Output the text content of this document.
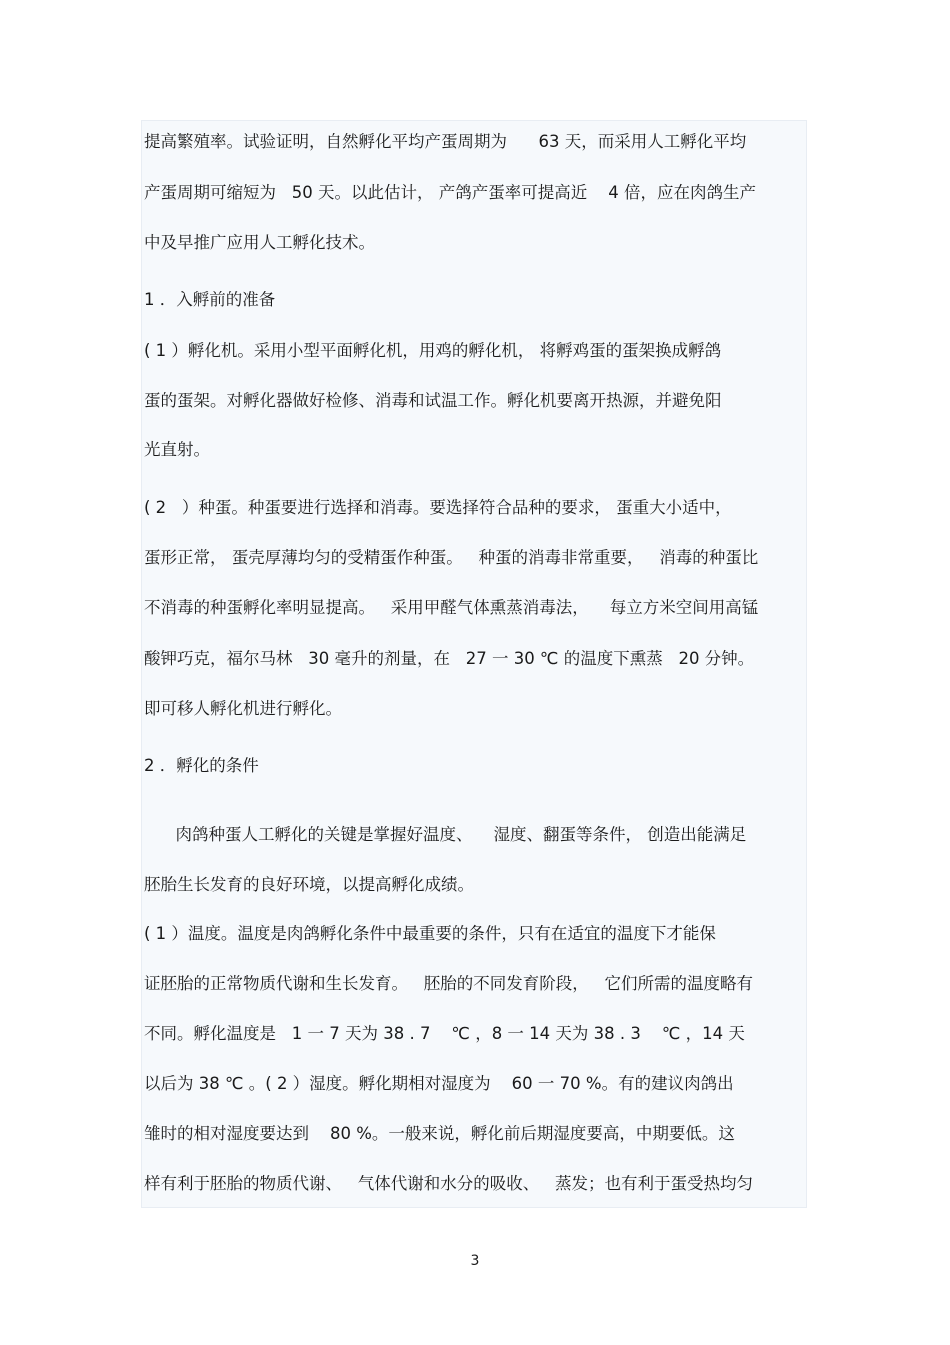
提高繁殖率。试验证明，自然孵化平均产蛋周期为      63 天，而采用人工孵化平均
产蛋周期可缩短为   50 天。以此估计， 产鸽产蛋率可提高近    4 倍，应在肉鸽生产
中及早推广应用人工孵化技术。
1 ．入孵前的准备
( 1 ）孵化机。采用小型平面孵化机，用鸡的孵化机， 将孵鸡蛋的蛋架换成孵鸽
蛋的蛋架。对孵化器做好检修、消毒和试温工作。孵化机要离开热源，并避免阳
光直射。
( 2   ）种蛋。种蛋要进行选择和消毒。要选择符合品种的要求， 蛋重大小适中，
蛋形正常， 蛋壳厚薄均匀的受精蛋作种蛋。   种蛋的消毒非常重要，   消毒的种蛋比
不消毒的种蛋孵化率明显提高。   采用甲醛气体熏蒸消毒法，    每立方米空间用高锰
酸钾巧克，福尔马林   30 毫升的剂量，在   27 一 30 ℃ 的温度下熏蒸   20 分钟。
即可移人孵化机进行孵化。
2 ．孵化的条件
肉鸽种蛋人工孵化的关键是掌握好温度、    湿度、翻蛋等条件， 创造出能满足
胚胎生长发育的良好环境，以提高孵化成绩。
( 1 ）温度。温度是肉鸽孵化条件中最重要的条件，只有在适宜的温度下才能保
证胚胎的正常物质代谢和生长发育。   胚胎的不同发育阶段，   它们所需的温度略有
不同。孵化温度是   1 一 7 天为 38 . 7    ℃ ，8 一 14 天为 38 . 3    ℃ ，14 天
以后为 38 ℃ 。( 2 ）湿度。孵化期相对湿度为    60 一 70 %。有的建议肉鸽出
雏时的相对湿度要达到    80 %。一般来说，孵化前后期湿度要高，中期要低。这
样有利于胚胎的物质代谢、   气体代谢和水分的吸收、   蒸发；也有利于蛋受热均匀
3
